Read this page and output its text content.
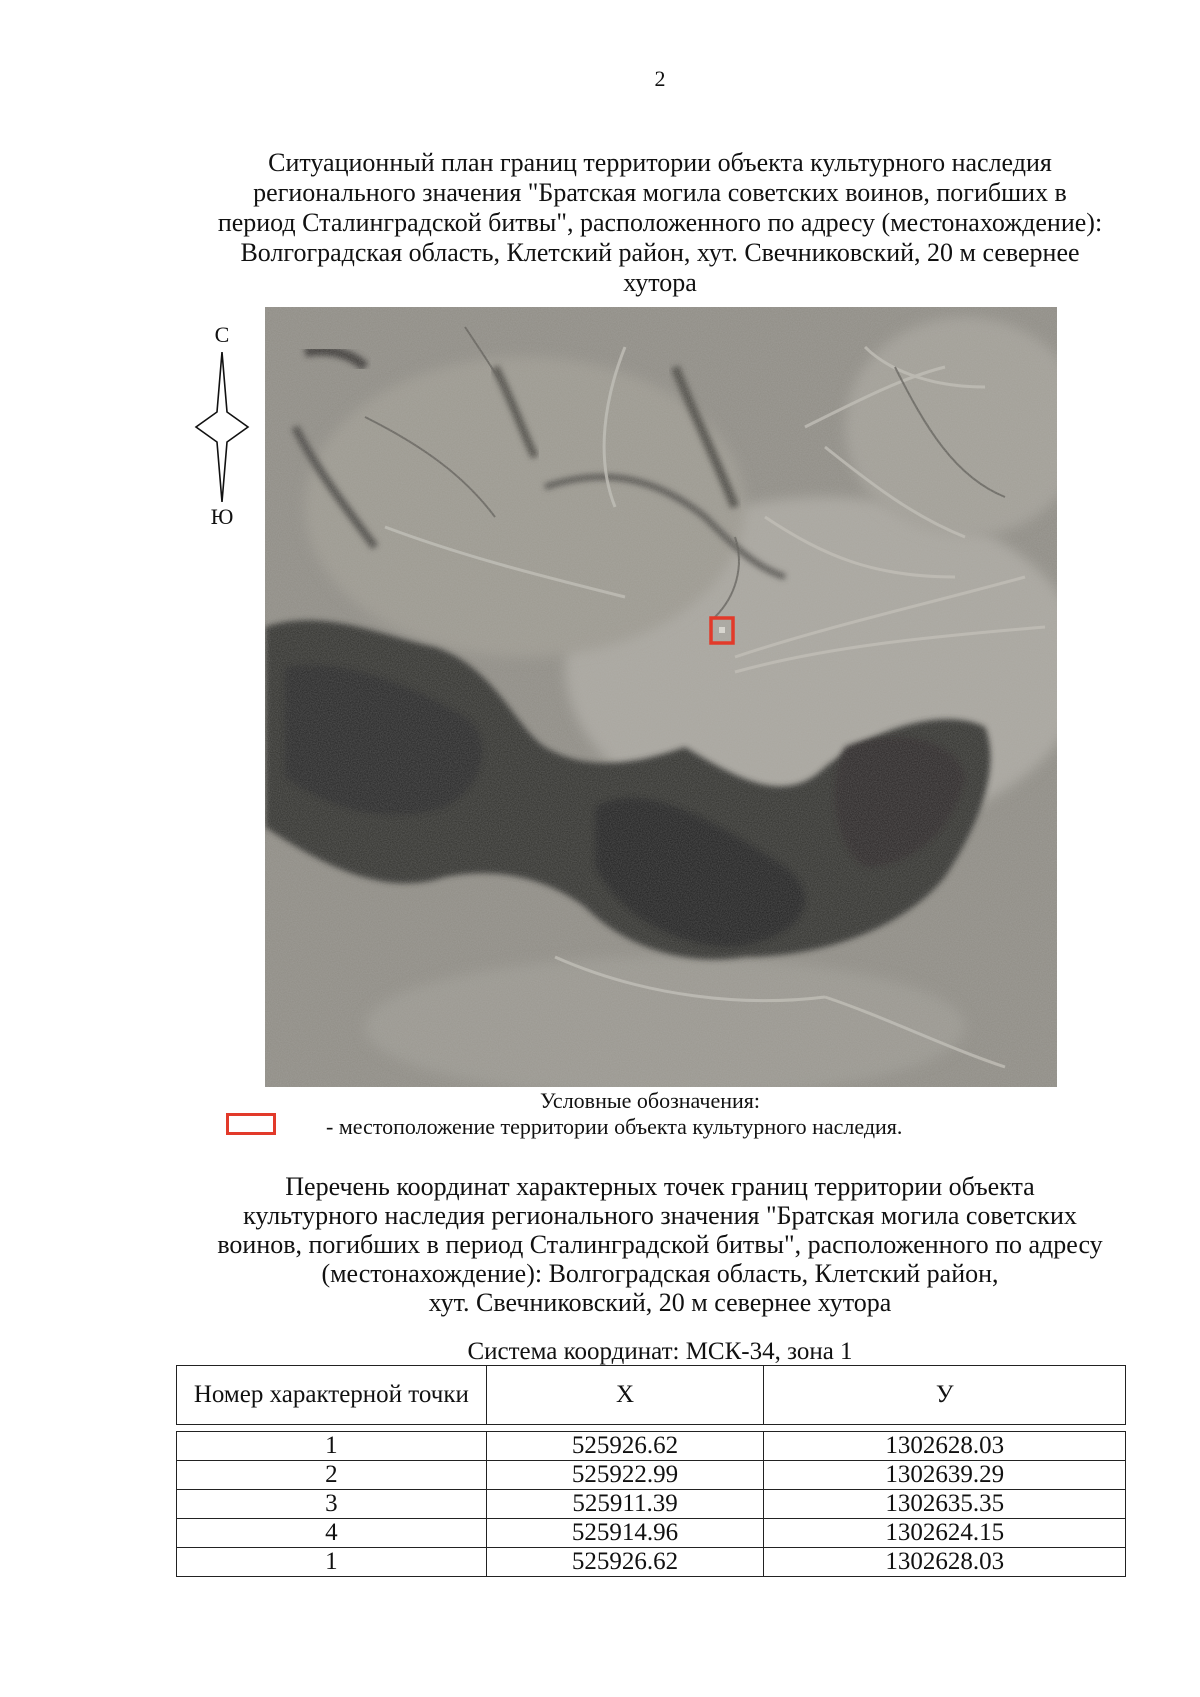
2
Ситуационный план границ территории объекта культурного наследия
регионального значения "Братская могила советских воинов, погибших в
период Сталинградской битвы", расположенного по адресу (местонахождение):
Волгоградская область, Клетский район, хут. Свечниковский, 20 м севернее
хутора
С
Ю
Условные обозначения:
- местоположение территории объекта культурного наследия.
Перечень координат характерных точек границ территории объекта
культурного наследия регионального значения "Братская могила советских
воинов, погибших в период Сталинградской битвы", расположенного по адресу
(местонахождение): Волгоградская область, Клетский район,
хут. Свечниковский, 20 м севернее хутора
Система координат: МСК-34, зона 1
Номер характерной точки	Х	У

1	525926.62	1302628.03
2	525922.99	1302639.29
3	525911.39	1302635.35
4	525914.96	1302624.15
1	525926.62	1302628.03
